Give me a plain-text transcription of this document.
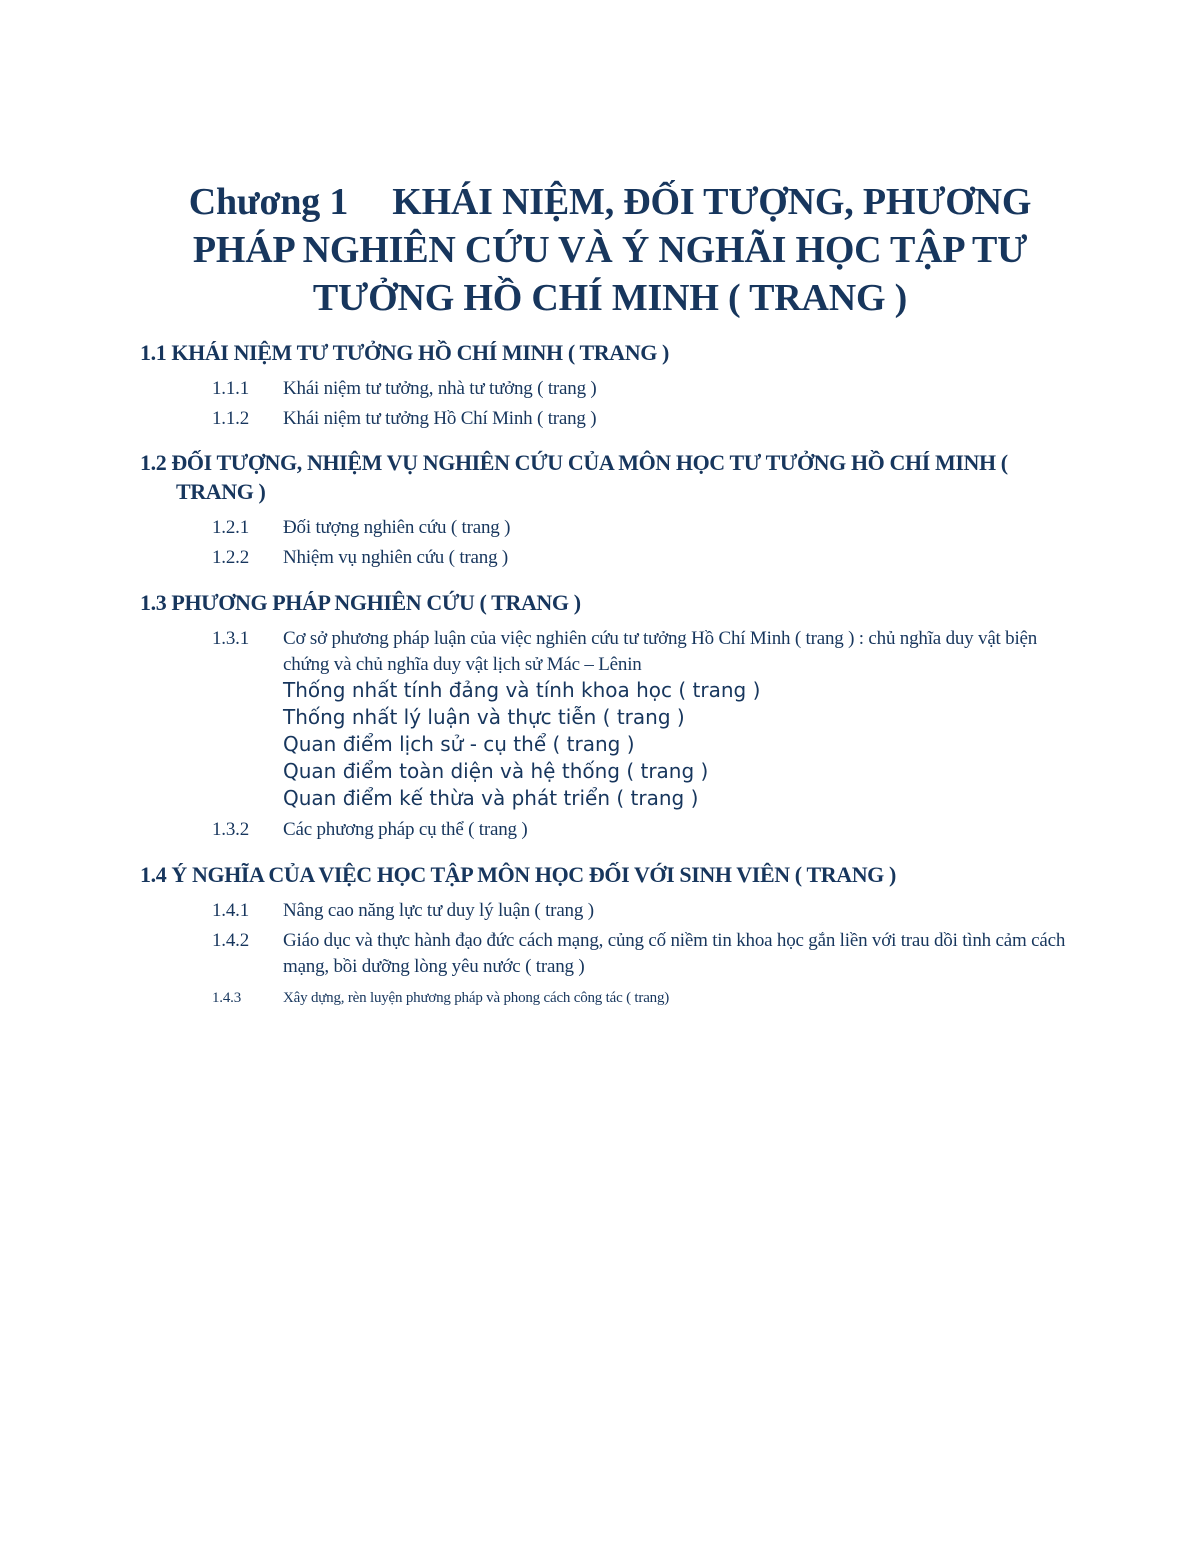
Chương 1 KHÁI NIỆM, ĐỐI TƯỢNG, PHƯƠNG PHÁP NGHIÊN CỨU VÀ Ý NGHÃI HỌC TẬP TƯ TƯỞNG HỒ CHÍ MINH ( TRANG )
1.1 KHÁI NIỆM TƯ TƯỞNG HỒ CHÍ MINH ( TRANG )
1.1.1 Khái niệm tư tưởng, nhà tư tưởng ( trang )
1.1.2 Khái niệm tư tưởng Hồ Chí Minh ( trang )
1.2 ĐỐI TƯỢNG, NHIỆM VỤ NGHIÊN CỨU CỦA MÔN HỌC TƯ TƯỞNG HỒ CHÍ MINH ( TRANG )
1.2.1 Đối tượng nghiên cứu ( trang )
1.2.2 Nhiệm vụ nghiên cứu ( trang )
1.3 PHƯƠNG PHÁP NGHIÊN CỨU ( TRANG )
1.3.1 Cơ sở phương pháp luận của việc nghiên cứu tư tưởng Hồ Chí Minh ( trang ) : chủ nghĩa duy vật biện chứng và chủ nghĩa duy vật lịch sử Mác – Lênin
Thống nhất tính đảng và tính khoa học ( trang )
Thống nhất lý luận và thực tiễn ( trang )
Quan điểm lịch sử - cụ thể ( trang )
Quan điểm toàn diện và hệ thống ( trang )
Quan điểm kế thừa và phát triển ( trang )
1.3.2 Các phương pháp cụ thể ( trang )
1.4 Ý NGHĨA CỦA VIỆC HỌC TẬP MÔN HỌC ĐỐI VỚI SINH VIÊN ( TRANG )
1.4.1 Nâng cao năng lực tư duy lý luận ( trang )
1.4.2 Giáo dục và thực hành đạo đức cách mạng, củng cố niềm tin khoa học gắn liền với trau dồi tình cảm cách mạng, bồi dưỡng lòng yêu nước ( trang )
1.4.3	Xây dựng, rèn luyện phương pháp và phong cách công tác ( trang)
